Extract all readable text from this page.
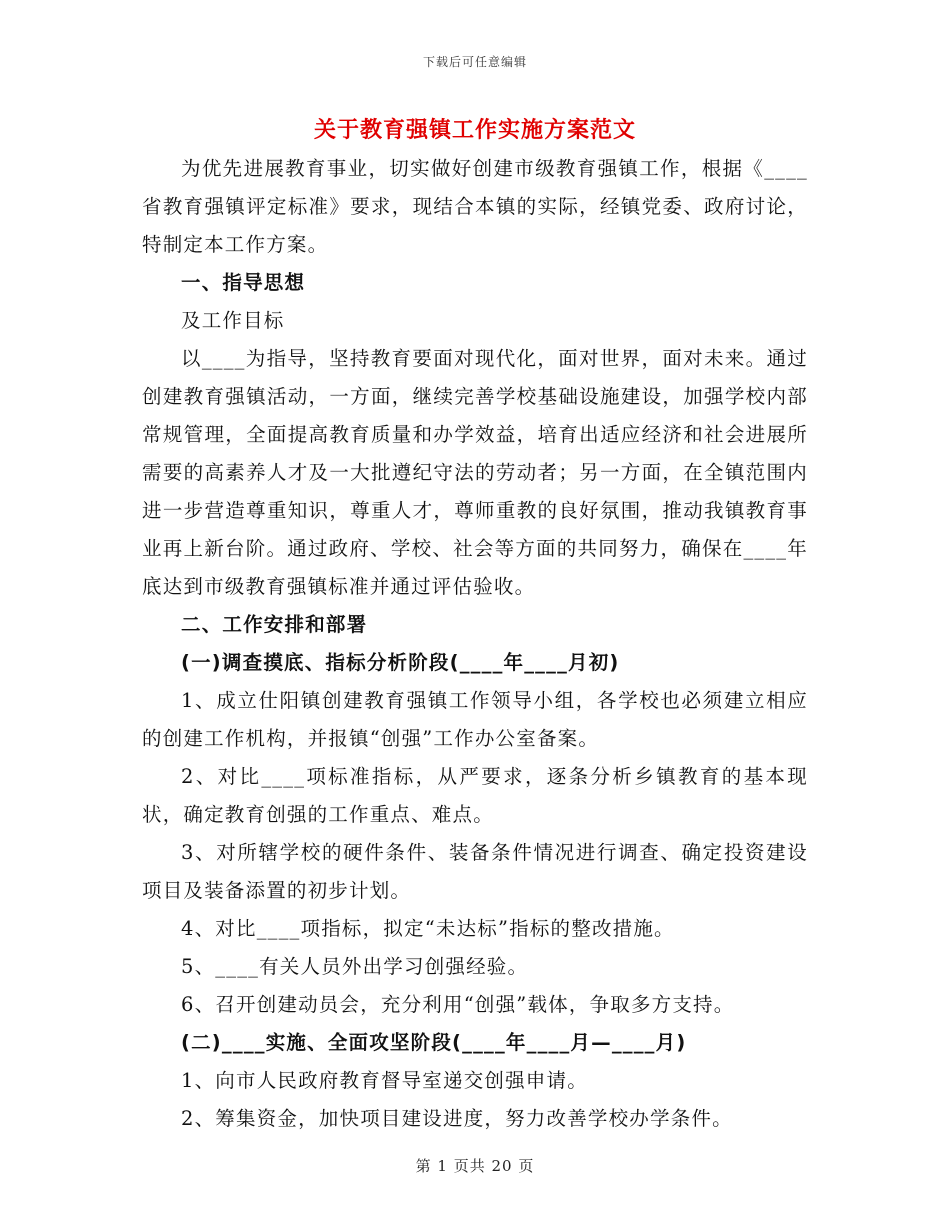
下载后可任意编辑
关于教育强镇工作实施方案范文

为优先进展教育事业，切实做好创建市级教育强镇工作，根据《____省教育强镇评定标准》要求，现结合本镇的实际，经镇党委、政府讨论，特制定本工作方案。

一、指导思想

及工作目标

以____为指导，坚持教育要面对现代化，面对世界，面对未来。通过创建教育强镇活动，一方面，继续完善学校基础设施建设，加强学校内部常规管理，全面提高教育质量和办学效益，培育出适应经济和社会进展所需要的高素养人才及一大批遵纪守法的劳动者；另一方面，在全镇范围内进一步营造尊重知识，尊重人才，尊师重教的良好氛围，推动我镇教育事业再上新台阶。通过政府、学校、社会等方面的共同努力，确保在____年底达到市级教育强镇标准并通过评估验收。

二、工作安排和部署

(一)调查摸底、指标分析阶段(____年____月初)

1、成立仕阳镇创建教育强镇工作领导小组，各学校也必须建立相应的创建工作机构，并报镇“创强”工作办公室备案。

2、对比____项标准指标，从严要求，逐条分析乡镇教育的基本现状，确定教育创强的工作重点、难点。

3、对所辖学校的硬件条件、装备条件情况进行调查、确定投资建设项目及装备添置的初步计划。

4、对比____项指标，拟定“未达标”指标的整改措施。

5、____有关人员外出学习创强经验。

6、召开创建动员会，充分利用“创强”载体，争取多方支持。

(二)____实施、全面攻坚阶段(____年____月—____月)

1、向市人民政府教育督导室递交创强申请。

2、筹集资金，加快项目建设进度，努力改善学校办学条件。

第 1 页共 20 页
